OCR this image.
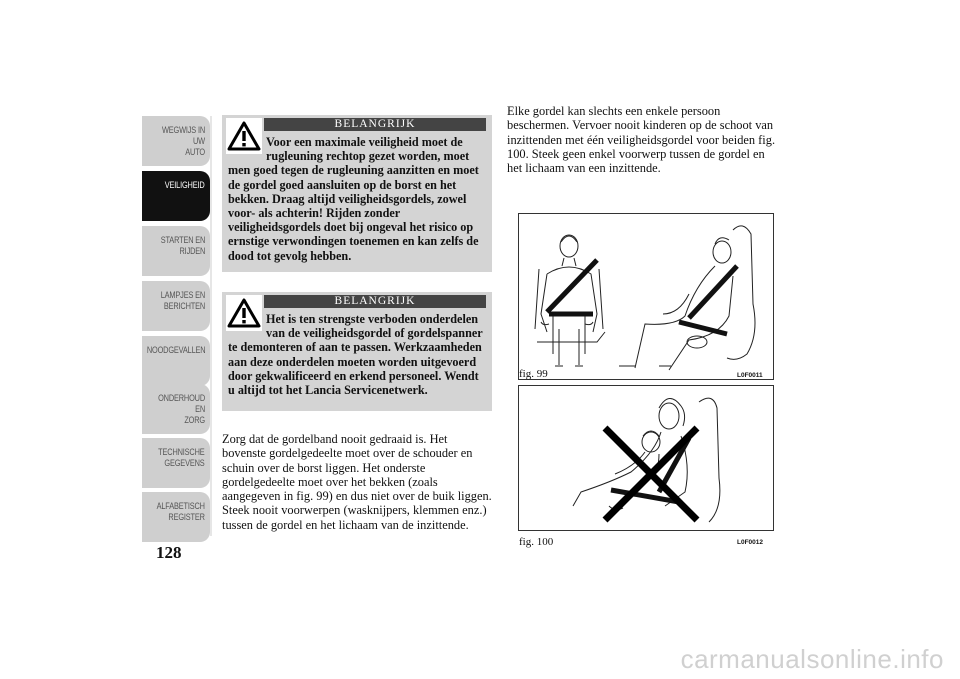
WEGWIJS IN UW
AUTO
VEILIGHEID
STARTEN EN
RIJDEN
LAMPJES EN
BERICHTEN
NOODGEVALLEN
ONDERHOUD EN
ZORG
TECHNISCHE
GEGEVENS
ALFABETISCH
REGISTER
128
BELANGRIJK
Voor een maximale veiligheid moet de rugleuning rechtop gezet worden, moet men goed tegen de rugleuning aanzitten en moet de gordel goed aansluiten op de borst en het bekken. Draag altijd veiligheidsgordels, zowel voor- als achterin! Rijden zonder veiligheidsgordels doet bij ongeval het risico op ernstige verwondingen toenemen en kan zelfs de dood tot gevolg hebben.
BELANGRIJK
Het is ten strengste verboden onderdelen van de veiligheidsgordel of gordelspanner te demonteren of aan te passen. Werkzaamheden aan deze onderdelen moeten worden uitgevoerd door gekwalificeerd en erkend personeel. Wendt u altijd tot het Lancia Servicenetwerk.
Zorg dat de gordelband nooit gedraaid is. Het bovenste gordelgedeelte moet over de schouder en schuin over de borst liggen. Het onderste gordelgedeelte moet over het bekken (zoals aangegeven in fig. 99) en dus niet over de buik liggen. Steek nooit voorwerpen (wasknijpers, klemmen enz.) tussen de gordel en het lichaam van de inzittende.
Elke gordel kan slechts een enkele persoon beschermen. Vervoer nooit kinderen op de schoot van inzittenden met één veiligheidsgordel voor beiden fig. 100. Steek geen enkel voorwerp tussen de gordel en het lichaam van een inzittende.
fig. 99	L0F0011
fig. 100	L0F0012
carmanualsonline.info
